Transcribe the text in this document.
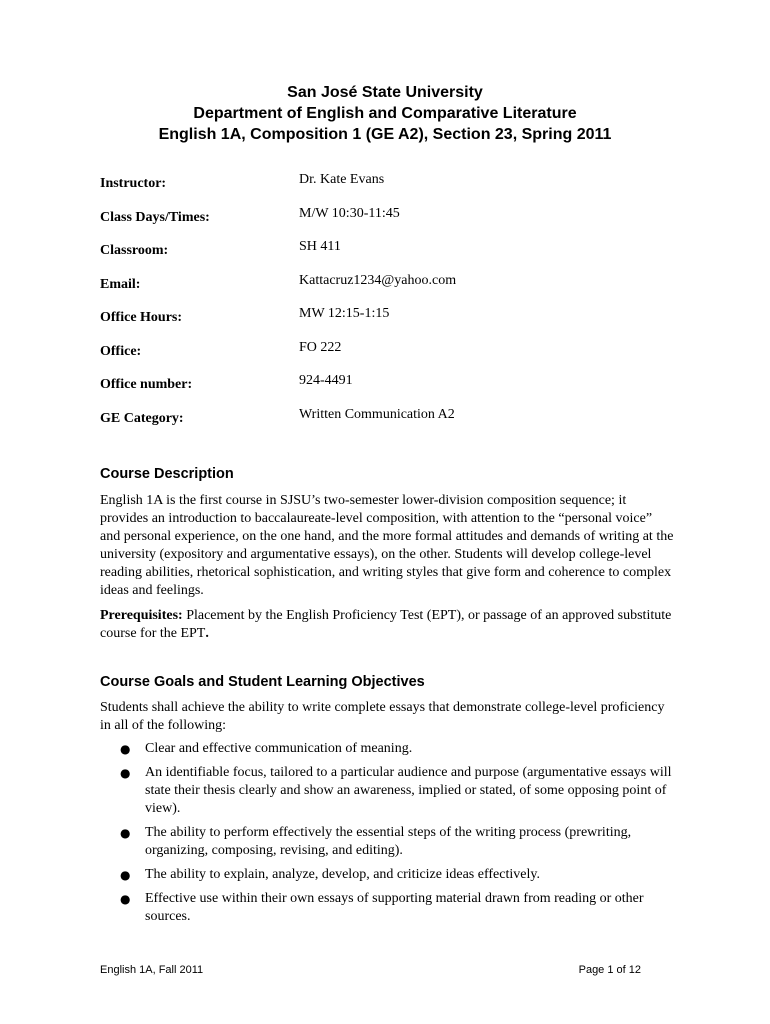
San José State University
Department of English and Comparative Literature
English 1A, Composition 1 (GE A2), Section 23, Spring 2011
Instructor:	Dr. Kate Evans
Class Days/Times:	M/W 10:30-11:45
Classroom:	SH 411
Email:	Kattacruz1234@yahoo.com
Office Hours:	MW 12:15-1:15
Office:	FO 222
Office number:	924-4491
GE Category:	Written Communication A2
Course Description
English 1A is the first course in SJSU’s two-semester lower-division composition sequence; it provides an introduction to baccalaureate-level composition, with attention to the “personal voice” and personal experience, on the one hand, and the more formal attitudes and demands of writing at the university (expository and argumentative essays), on the other. Students will develop college-level reading abilities, rhetorical sophistication, and writing styles that give form and coherence to complex ideas and feelings.
Prerequisites: Placement by the English Proficiency Test (EPT), or passage of an approved substitute course for the EPT.
Course Goals and Student Learning Objectives
Students shall achieve the ability to write complete essays that demonstrate college-level proficiency in all of the following:
● Clear and effective communication of meaning.
● An identifiable focus, tailored to a particular audience and purpose (argumentative essays will state their thesis clearly and show an awareness, implied or stated, of some opposing point of view).
● The ability to perform effectively the essential steps of the writing process (prewriting, organizing, composing, revising, and editing).
● The ability to explain, analyze, develop, and criticize ideas effectively.
● Effective use within their own essays of supporting material drawn from reading or other sources.
English 1A, Fall 2011	Page 1 of 12
